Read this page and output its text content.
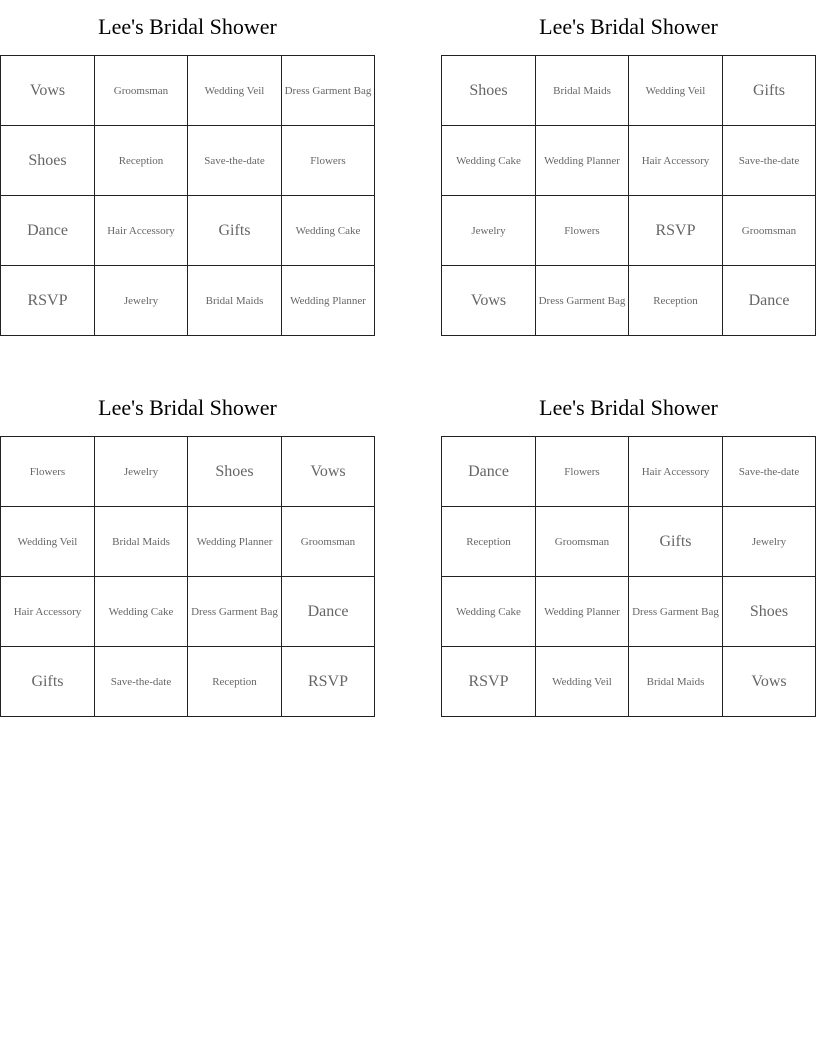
Lee's Bridal Shower
Vows	Groomsman	Wedding Veil	Dress Garment Bag
Shoes	Reception	Save-the-date	Flowers
Dance	Hair Accessory	Gifts	Wedding Cake
RSVP	Jewelry	Bridal Maids	Wedding Planner
Lee's Bridal Shower
Shoes	Bridal Maids	Wedding Veil	Gifts
Wedding Cake	Wedding Planner	Hair Accessory	Save-the-date
Jewelry	Flowers	RSVP	Groomsman
Vows	Dress Garment Bag	Reception	Dance
Lee's Bridal Shower
Flowers	Jewelry	Shoes	Vows
Wedding Veil	Bridal Maids	Wedding Planner	Groomsman
Hair Accessory	Wedding Cake	Dress Garment Bag	Dance
Gifts	Save-the-date	Reception	RSVP
Lee's Bridal Shower
Dance	Flowers	Hair Accessory	Save-the-date
Reception	Groomsman	Gifts	Jewelry
Wedding Cake	Wedding Planner	Dress Garment Bag	Shoes
RSVP	Wedding Veil	Bridal Maids	Vows
